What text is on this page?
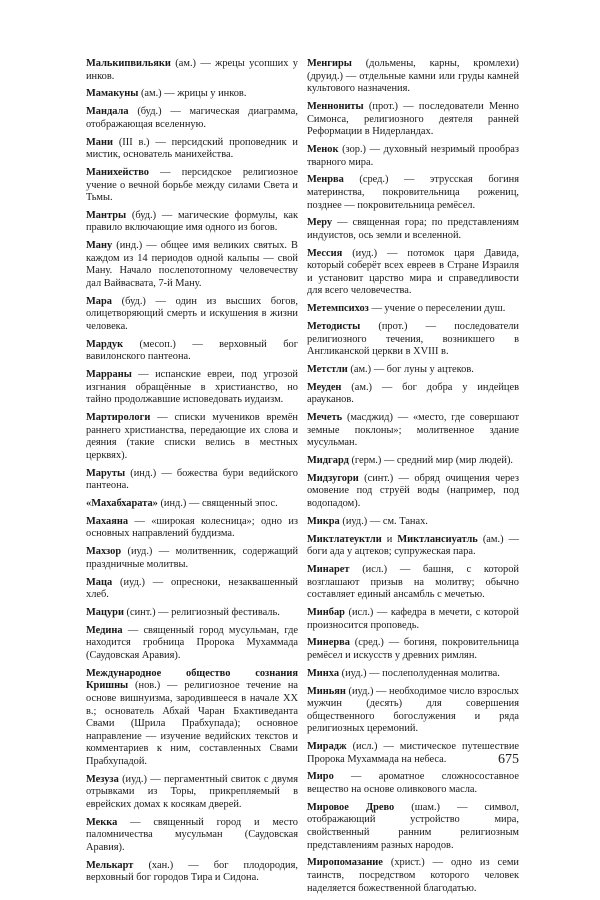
Малькипвильяки (ам.) — жрецы усопших у инков.

Мамакуны (ам.) — жрицы у инков.

Мандала (буд.) — магическая диаграмма, отображающая вселенную.

Мани (III в.) — персидский проповедник и мистик, основатель манихейства.

Манихейство — персидское религиозное учение о вечной борьбе между силами Света и Тьмы.

Мантры (буд.) — магические формулы, как правило включающие имя одного из богов.

Ману (инд.) — общее имя великих святых. В каждом из 14 периодов одной кальпы — свой Ману. Начало послепотопному человечеству дал Вайвасвата, 7-й Ману.

Мара (буд.) — один из высших богов, олицетворяющий смерть и искушения в жизни человека.

Мардук (месоп.) — верховный бог вавилонского пантеона.

Марраны — испанские евреи, под угрозой изгнания обращённые в христианство, но тайно продолжавшие исповедовать иудаизм.

Мартирологи — списки мучеников времён раннего христианства, передающие их слова и деяния (такие списки велись в местных церквях).

Маруты (инд.) — божества бури ведийского пантеона.

«Махабхарата» (инд.) — священный эпос.

Махаяна — «широкая колесница»; одно из основных направлений буддизма.

Махзор (иуд.) — молитвенник, содержащий праздничные молитвы.

Маца (иуд.) — опресноки, незаквашенный хлеб.

Мацури (синт.) — религиозный фестиваль.

Медина — священный город мусульман, где находится гробница Пророка Мухаммада (Саудовская Аравия).

Международное общество сознания Кришны (нов.) — религиозное течение на основе вишнуизма, зародившееся в начале XX в.; основатель Абхай Чаран Бхактиведанта Свами (Шрила Прабхупада); основное направление — изучение ведийских текстов и комментариев к ним, составленных Свами Прабхупадой.

Мезуза (иуд.) — пергаментный свиток с двумя отрывками из Торы, прикрепляемый в еврейских домах к косякам дверей.

Мекка — священный город и место паломничества мусульман (Саудовская Аравия).

Мелькарт (хан.) — бог плодородия, верховный бог городов Тира и Сидона.

Менгиры (дольмены, карны, кромлехи) (друид.) — отдельные камни или груды камней культового назначения.

Меннониты (прот.) — последователи Менно Симонса, религиозного деятеля ранней Реформации в Нидерландах.

Менок (зор.) — духовный незримый прообраз тварного мира.

Менрва (сред.) — этрусская богиня материнства, покровительница рожениц, позднее — покровительница ремёсел.

Меру — священная гора; по представлениям индуистов, ось земли и вселенной.

Мессия (иуд.) — потомок царя Давида, который соберёт всех евреев в Стране Израиля и установит царство мира и справедливости для всего человечества.

Метемпсихоз — учение о переселении душ.

Методисты (прот.) — последователи религиозного течения, возникшего в Англиканской церкви в XVIII в.

Метстли (ам.) — бог луны у ацтеков.

Меуден (ам.) — бог добра у индейцев арауканов.

Мечеть (масджид) — «место, где совершают земные поклоны»; молитвенное здание мусульман.

Мидгард (герм.) — средний мир (мир людей).

Мидзугори (синт.) — обряд очищения через омовение под струёй воды (например, под водопадом).

Микра (иуд.) — см. Танах.

Миктлатеуктли и Миктлансиуатль (ам.) — боги ада у ацтеков; супружеская пара.

Минарет (исл.) — башня, с которой возглашают призыв на молитву; обычно составляет единый ансамбль с мечетью.

Минбар (исл.) — кафедра в мечети, с которой произносится проповедь.

Минерва (сред.) — богиня, покровительница ремёсел и искусств у древних римлян.

Минха (иуд.) — послеполуденная молитва.

Миньян (иуд.) — необходимое число взрослых мужчин (десять) для совершения общественного богослужения и ряда религиозных церемоний.

Мирадж (исл.) — мистическое путешествие Пророка Мухаммада на небеса.

Миро — ароматное сложносоставное вещество на основе оливкового масла.

Мировое Древо (шам.) — символ, отображающий устройство мира, свойственный ранним религиозным представлениям разных народов.

Миропомазание (христ.) — одно из семи таинств, посредством которого человек наделяется божественной благодатью.

675
